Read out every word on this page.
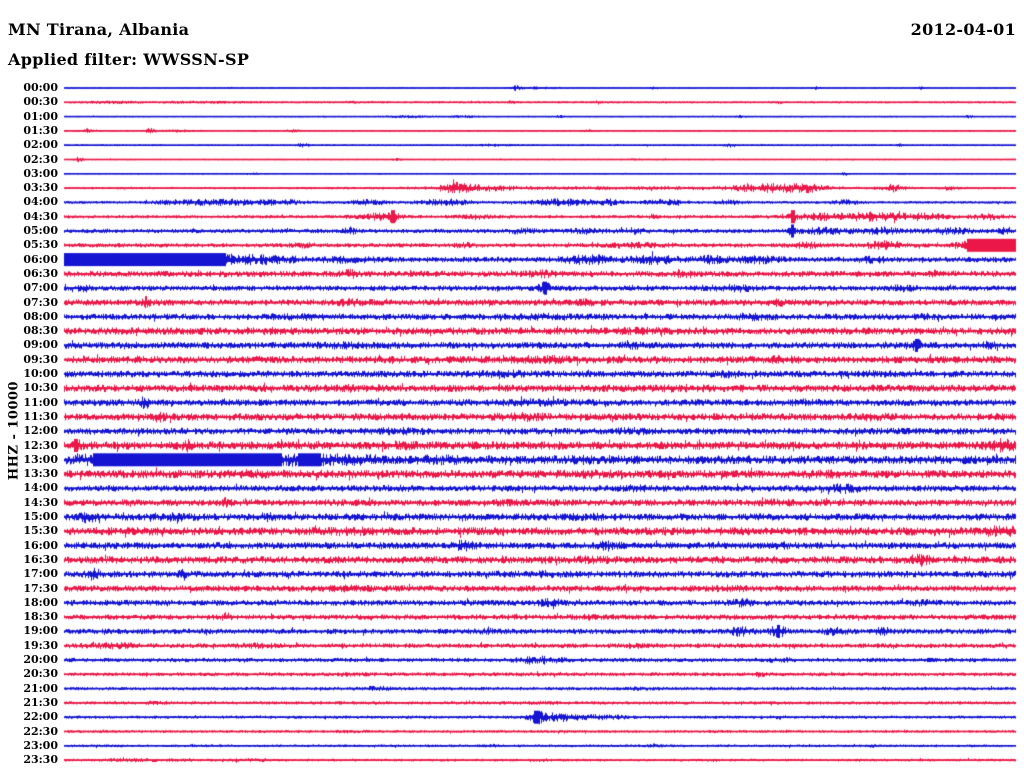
MN Tirana, Albania	2012-04-01
Applied filter: WWSSN-SP
HHZ - 10000
00:00
00:30
01:00
01:30
02:00
02:30
03:00
03:30
04:00
04:30
05:00
05:30
06:00
06:30
07:00
07:30
08:00
08:30
09:00
09:30
10:00
10:30
11:00
11:30
12:00
12:30
13:00
13:30
14:00
14:30
15:00
15:30
16:00
16:30
17:00
17:30
18:00
18:30
19:00
19:30
20:00
20:30
21:00
21:30
22:00
22:30
23:00
23:30
